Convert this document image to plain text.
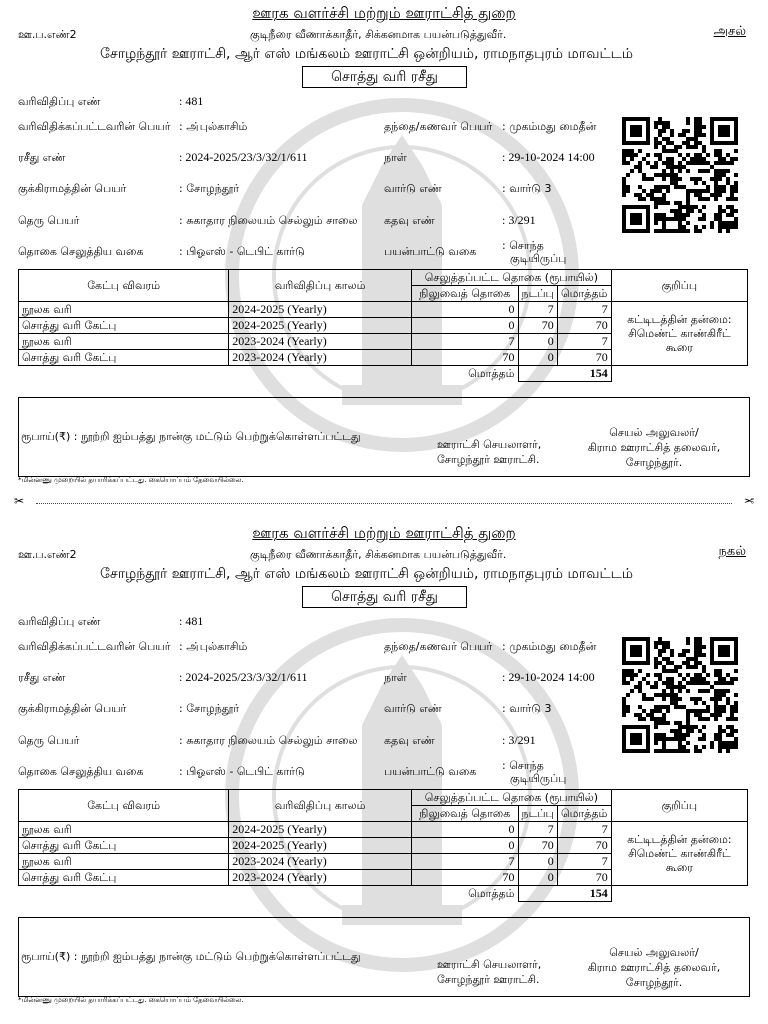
ஊரக வளர்ச்சி மற்றும் ஊராட்சித் துறை
ஊ.ப.எண்2	குடிநீரை வீணாக்காதீர், சிக்கனமாக பயன்படுத்துவீர்.	அசல்
சோழந்தூர் ஊராட்சி, ஆர் எஸ் மங்கலம் ஊராட்சி ஒன்றியம், ராமநாதபுரம் மாவட்டம்
சொத்து வரி ரசீது
வரிவிதிப்பு எண்	: 481
வரிவிதிக்கப்பட்டவரின் பெயர் : அ்புல்காசிம்	தந்தை/கணவர் பெயர் : முகம்மது மைதீன்
ரசீது எண்	: 2024-2025/23/3/32/1/611	நாள்	: 29-10-2024 14:00
குக்கிராமத்தின் பெயர்	: சோழந்தூர்	வார்டு எண்	: வார்டு 3
தெரு பெயர்	: சுகாதார நிலையம் செல்லும் சாலை கதவு எண்	: 3/291
தொகை செலுத்திய வகை	: பிஓஎஸ் - டெபிட் கார்டு	பயன்பாட்டு வகை : சொந்த
குடியிருப்பு
கேட்பு விவரம்	வரிவிதிப்பு காலம்	செலுத்தப்பட்ட தொகை (ரூபாயில்)			குறிப்பு
		நிலுவைத் தொகை	நடப்பு	மொத்தம்	
நூலக வரி	2024-2025 (Yearly)	0	7	7	கட்டிடத்தின் தன்மை:
சிமெண்ட் காண்கிரீட்
கூரை

சொத்து வரி கேட்பு	2024-2025 (Yearly)	0	70	70	
நூலக வரி	2023-2024 (Yearly)	7	0	7	
சொத்து வரி கேட்பு	2023-2024 (Yearly)	70	0	70	
மொத்தம்			154		
ரூபாய்(₹) : நூற்றி ஐம்பத்து நான்கு மட்டும் பெற்றுக்கொள்ளப்பட்டது
ஊராட்சி செயலாளர்,
சோழந்தூர் ஊராட்சி.
செயல் அலுவலர்/
கிராம ஊராட்சித் தலைவர்,
சோழந்தூர்.
*மின்னணு முறையில் தயாரிக்கப்பட்டது. கையொப்பம் தேவையில்லை.
✂	✂
ஊரக வளர்ச்சி மற்றும் ஊராட்சித் துறை
ஊ.ப.எண்2	குடிநீரை வீணாக்காதீர், சிக்கனமாக பயன்படுத்துவீர்.	நகல்
சோழந்தூர் ஊராட்சி, ஆர் எஸ் மங்கலம் ஊராட்சி ஒன்றியம், ராமநாதபுரம் மாவட்டம்
சொத்து வரி ரசீது
வரிவிதிப்பு எண்	: 481
வரிவிதிக்கப்பட்டவரின் பெயர் : அ்புல்காசிம்	தந்தை/கணவர் பெயர் : முகம்மது மைதீன்
ரசீது எண்	: 2024-2025/23/3/32/1/611	நாள்	: 29-10-2024 14:00
குக்கிராமத்தின் பெயர்	: சோழந்தூர்	வார்டு எண்	: வார்டு 3
தெரு பெயர்	: சுகாதார நிலையம் செல்லும் சாலை கதவு எண்	: 3/291
தொகை செலுத்திய வகை	: பிஓஎஸ் - டெபிட் கார்டு	பயன்பாட்டு வகை : சொந்த
குடியிருப்பு
கேட்பு விவரம்	வரிவிதிப்பு காலம்	செலுத்தப்பட்ட தொகை (ரூபாயில்)			குறிப்பு
		நிலுவைத் தொகை	நடப்பு	மொத்தம்	
நூலக வரி	2024-2025 (Yearly)	0	7	7	கட்டிடத்தின் தன்மை:
சிமெண்ட் காண்கிரீட்
கூரை

சொத்து வரி கேட்பு	2024-2025 (Yearly)	0	70	70	
நூலக வரி	2023-2024 (Yearly)	7	0	7	
சொத்து வரி கேட்பு	2023-2024 (Yearly)	70	0	70	
மொத்தம்			154		
ரூபாய்(₹) : நூற்றி ஐம்பத்து நான்கு மட்டும் பெற்றுக்கொள்ளப்பட்டது
ஊராட்சி செயலாளர்,
சோழந்தூர் ஊராட்சி.
செயல் அலுவலர்/
கிராம ஊராட்சித் தலைவர்,
சோழந்தூர்.
*மின்னணு முறையில் தயாரிக்கப்பட்டது. கையொப்பம் தேவையில்லை.
